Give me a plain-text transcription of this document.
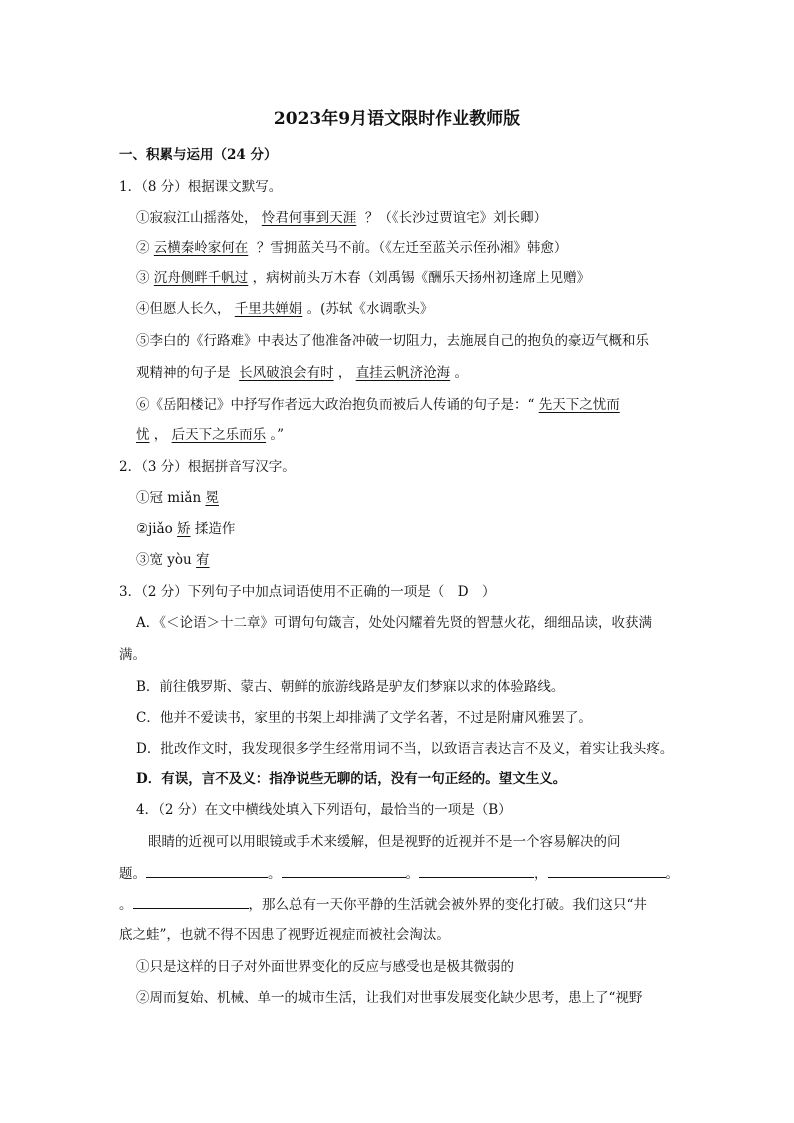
2023年9月语文限时作业教师版
一、积累与运用（24 分）
1．（8 分）根据课文默写。
①寂寂江山摇落处， 怜君何事到天涯 ？（《长沙过贾谊宅》刘长卿）
② 云横秦岭家何在 ？雪拥蓝关马不前。（《左迁至蓝关示侄孙湘》韩愈）
③ 沉舟侧畔千帆过 ，病树前头万木春（刘禹锡《酬乐天扬州初逢席上见赠》
④但愿人长久， 千里共婵娟 。(苏轼《水调歌头》
⑤李白的《行路难》中表达了他准备冲破一切阻力，去施展自己的抱负的豪迈气概和乐
观精神的句子是  长风破浪会有时 ， 直挂云帆济沧海 。
⑥《岳阳楼记》中抒写作者远大政治抱负而被后人传诵的句子是：“ 先天下之忧而
忧 ， 后天下之乐而乐 。”
2．（3 分）根据拼音写汉字。
①冠 miǎn 冕
②jiǎo 矫 揉造作
③宽 yòu 宥
3．（2 分）下列句子中加点词语使用不正确的一项是（　D　）
A．《＜论语＞十二章》可谓句句箴言，处处闪耀着先贤的智慧火花，细细品读，收获满
满。
B．前往俄罗斯、蒙古、朝鲜的旅游线路是驴友们梦寐以求的体验路线。
C．他并不爱读书，家里的书架上却排满了文学名著，不过是附庸风雅罢了。
D．批改作文时，我发现很多学生经常用词不当，以致语言表达言不及义，着实让我头疼。
D．有误，言不及义：指净说些无聊的话，没有一句正经的。望文生义。
4．（2 分）在文中横线处填入下列语句，最恰当的一项是（B）
眼睛的近视可以用眼镜或手术来缓解，但是视野的近视并不是一个容易解决的问
题。	。	。	，	。
。	，那么总有一天你平静的生活就会被外界的变化打破。我们这只“井
底之蛙”，也就不得不因患了视野近视症而被社会淘汰。
①只是这样的日子对外面世界变化的反应与感受也是极其微弱的
②周而复始、机械、单一的城市生活，让我们对世事发展变化缺少思考，患上了“视野
